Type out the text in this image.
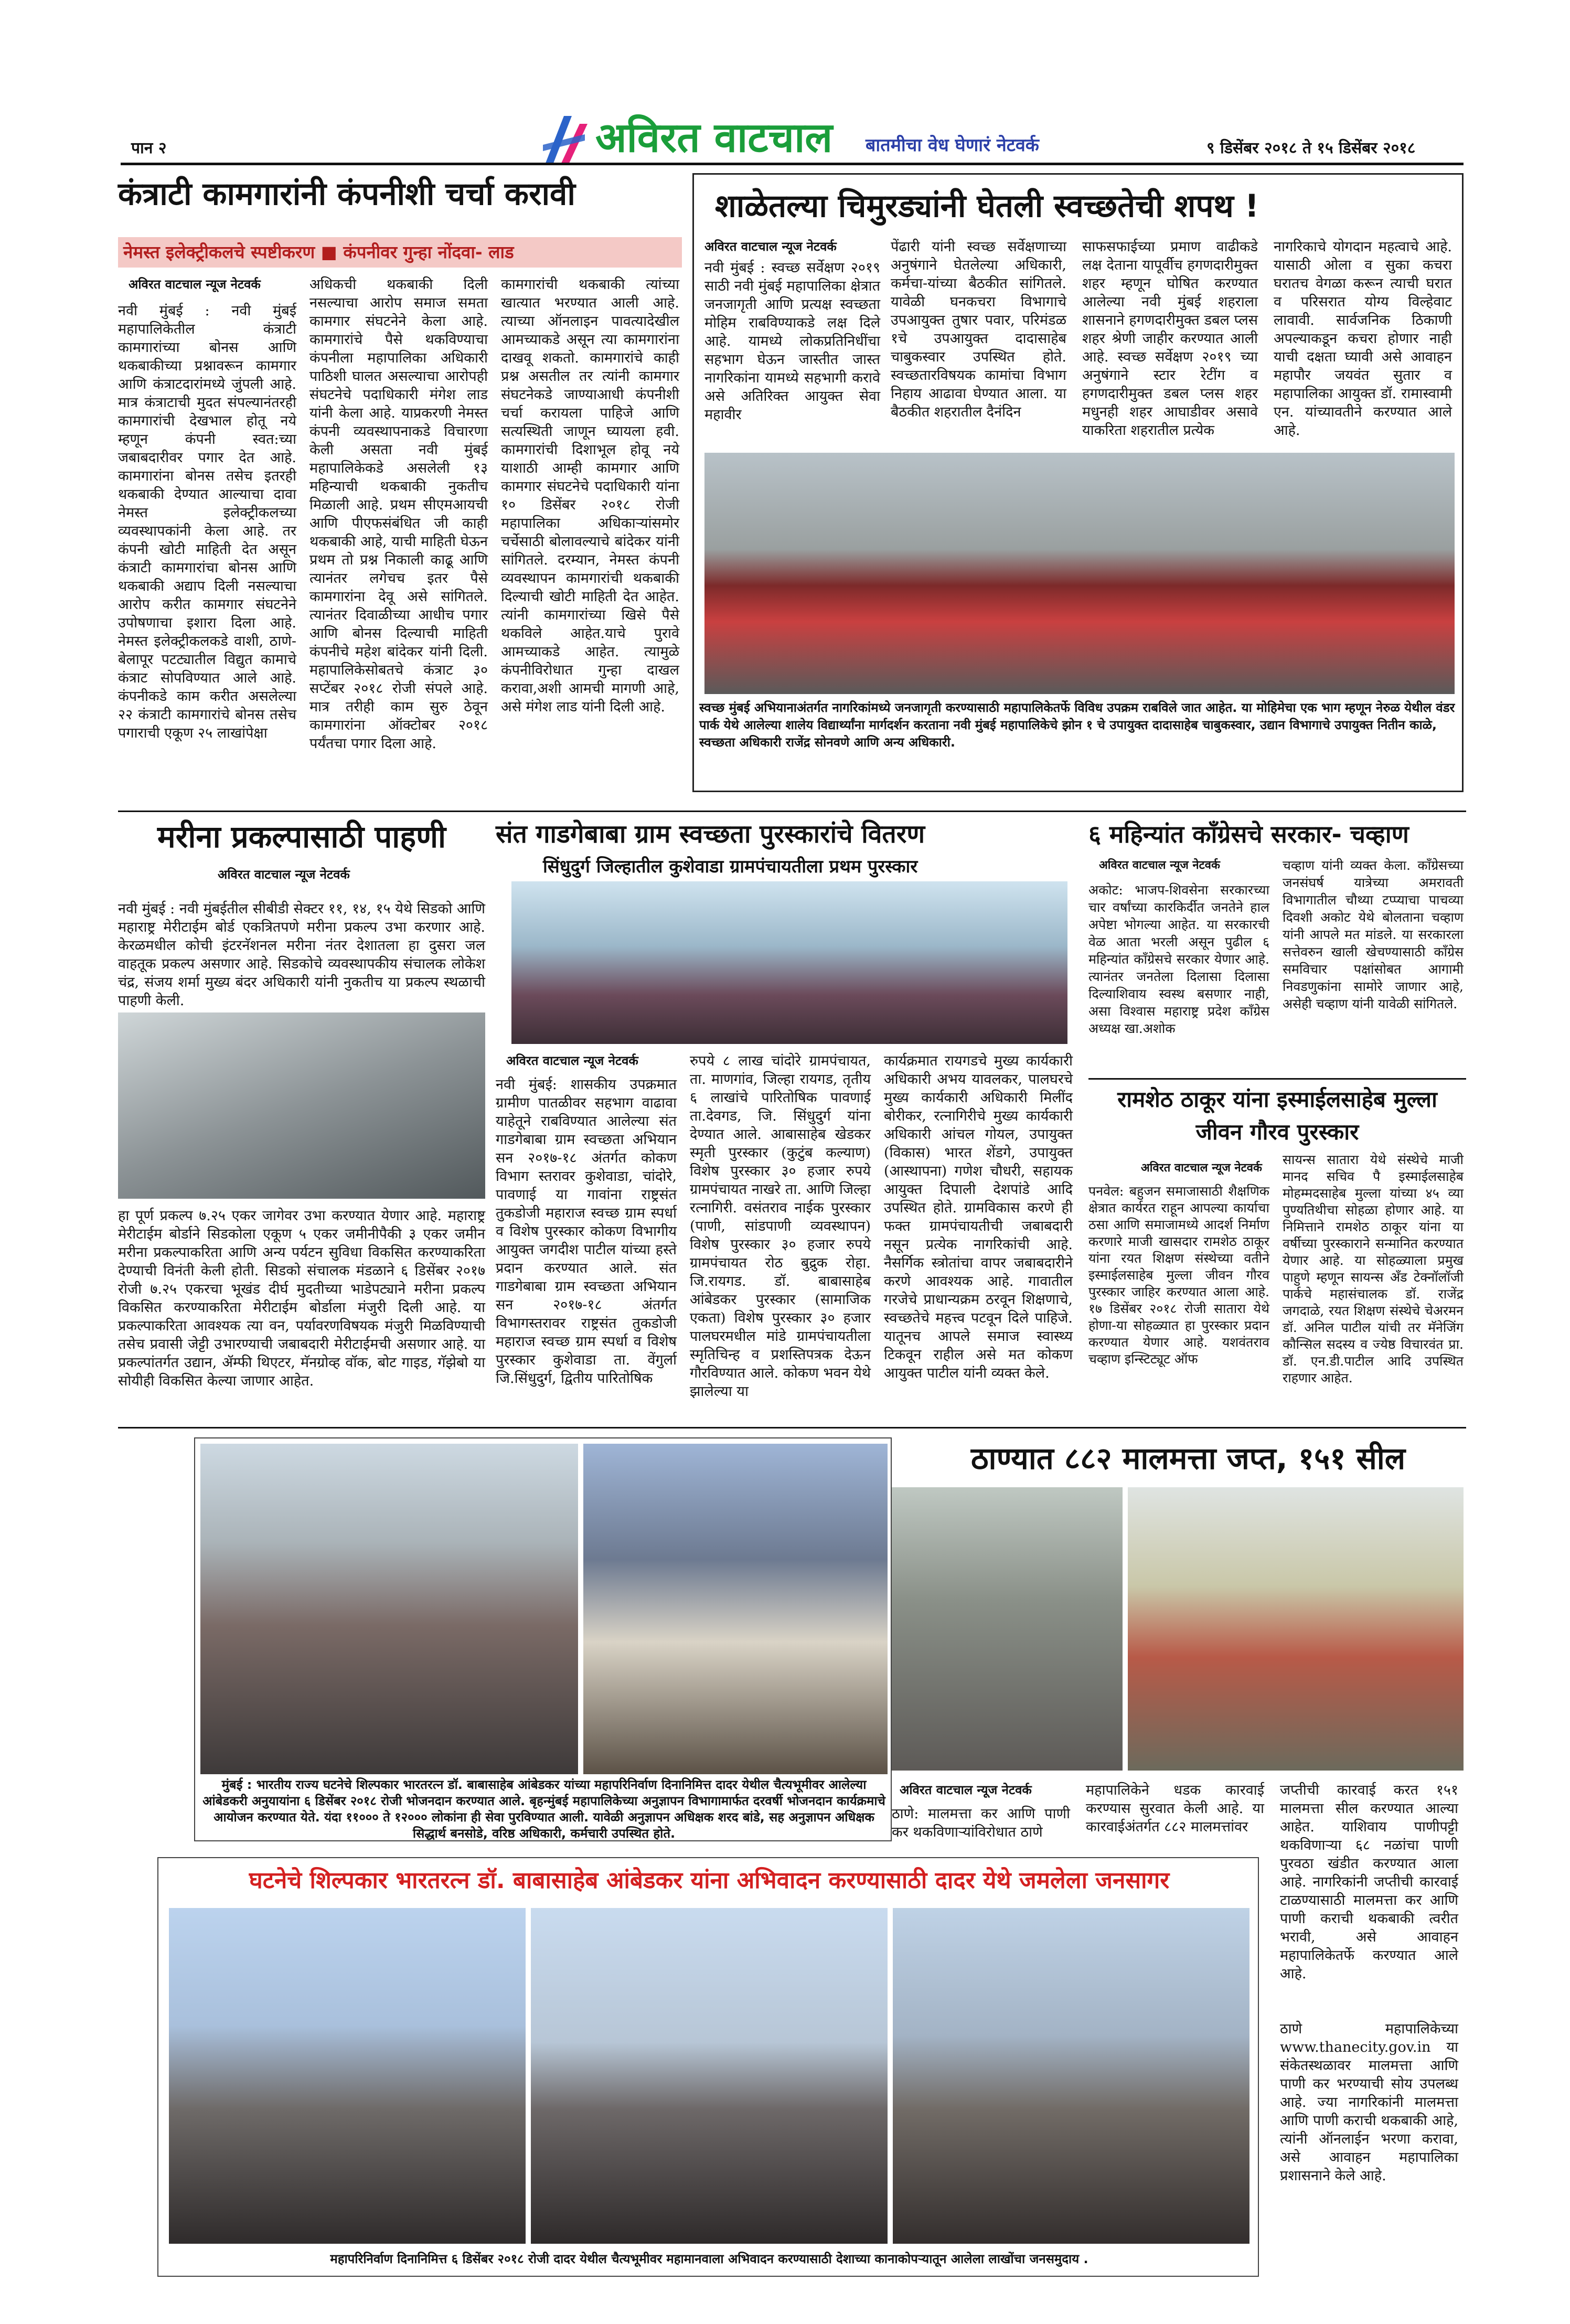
पान २	अविरत वाटचाल बातमीचा वेध घेणारं नेटवर्क	९ डिसेंबर २०१८ ते १५ डिसेंबर २०१८
कंत्राटी कामगारांनी कंपनीशी चर्चा करावी
नेमस्त इलेक्ट्रीकलचे स्पष्टीकरण ■ कंपनीवर गुन्हा नोंदवा- लाड
अविरत वाटचाल न्यूज नेटवर्क
नवी मुंबई : नवी मुंबई महापालिकेतील कंत्राटी कामगारांच्या बोनस आणि थकबाकीच्या प्रश्नावरून कामगार आणि कंत्राटदारांमध्ये जुंपली आहे. मात्र कंत्राटाची मुदत संपल्यानंतरही कामगारांची देखभाल होतू नये म्हणून कंपनी स्वत:च्या जबाबदारीवर पगार देत आहे. कामगारांना बोनस तसेच इतरही थकबाकी देण्यात आल्याचा दावा नेमस्त इलेक्ट्रीकलच्या व्यवस्थापकांनी केला आहे. तर कंपनी खोटी माहिती देत असून कंत्राटी कामगारांचा बोनस आणि थकबाकी अद्याप दिली नसल्याचा आरोप करीत कामगार संघटनेने उपोषणाचा इशारा दिला आहे. नेमस्त इलेक्ट्रीकलकडे वाशी, ठाणे-बेलापूर पटट्यातील विद्युत कामाचे कंत्राट सोपविण्यात आले आहे. कंपनीकडे काम करीत असलेल्या २२ कंत्राटी कामगारांचे बोनस तसेच पगाराची एकूण २५ लाखांपेक्षा
अधिकची थकबाकी दिली नसल्याचा आरोप समाज समता कामगार संघटनेने केला आहे. कामगारांचे पैसे थकविण्याचा कंपनीला महापालिका अधिकारी पाठिशी घालत असल्याचा आरोपही संघटनेचे पदाधिकारी मंगेश लाड यांनी केला आहे. याप्रकरणी नेमस्त कंपनी व्यवस्थापनाकडे विचारणा केली असता नवी मुंबई महापालिकेकडे असलेली १३ महिन्याची थकबाकी नुकतीच मिळाली आहे. प्रथम सीएमआयची आणि पीएफसंबंधित जी काही थकबाकी आहे, याची माहिती घेऊन प्रथम तो प्रश्न निकाली काढू आणि त्यानंतर लगेचच इतर पैसे कामगारांना देवू असे सांगितले. त्यानंतर दिवाळीच्या आधीच पगार आणि बोनस दिल्याची माहिती कंपनीचे महेश बांदेकर यांनी दिली. महापालिकेसोबतचे कंत्राट ३० सप्टेंबर २०१८ रोजी संपले आहे. मात्र तरीही काम सुरु ठेवून कामगारांना ऑक्टोबर २०१८ पर्यंतचा पगार दिला आहे.
कामगारांची थकबाकी त्यांच्या खात्यात भरण्यात आली आहे. त्याच्या ऑनलाइन पावत्यादेखील आमच्याकडे असून त्या कामगारांना दाखवू शकतो. कामगारांचे काही प्रश्न असतील तर त्यांनी कामगार संघटनेकडे जाण्याआधी कंपनीशी चर्चा करायला पाहिजे आणि सत्यस्थिती जाणून घ्यायला हवी. कामगारांची दिशाभूल होवू नये याशाठी आम्ही कामगार आणि कामगार संघटनेचे पदाधिकारी यांना १० डिसेंबर २०१८ रोजी महापालिका अधिकाऱ्यांसमोर चर्चेसाठी बोलावल्याचे बांदेकर यांनी सांगितले. दरम्यान, नेमस्त कंपनी व्यवस्थापन कामगारांची थकबाकी दिल्याची खोटी माहिती देत आहेत. त्यांनी कामगारांच्या खिसे पैसे थकविले आहेत.याचे पुरावे आमच्याकडे आहेत. त्यामुळे कंपनीविरोधात गुन्हा दाखल करावा,अशी आमची मागणी आहे, असे मंगेश लाड यांनी दिली आहे.
शाळेतल्या चिमुरड्यांनी घेतली स्वच्छतेची शपथ !
अविरत वाटचाल न्यूज नेटवर्क
नवी मुंबई : स्वच्छ सर्वेक्षण २०१९ साठी नवी मुंबई महापालिका क्षेत्रात जनजागृती आणि प्रत्यक्ष स्वच्छता मोहिम राबविण्याकडे लक्ष दिले आहे. यामध्ये लोकप्रतिनिधींचा सहभाग घेऊन जास्तीत जास्त नागरिकांना यामध्ये सहभागी करावे असे अतिरिक्त आयुक्त सेवा महावीर
पेंढारी यांनी स्वच्छ सर्वेक्षणाच्या अनुषंगाने घेतलेल्या अधिकारी, कर्मचा-यांच्या बैठकीत सांगितले. यावेळी घनकचरा विभागाचे उपआयुक्त तुषार पवार, परिमंडळ १चे उपआयुक्त दादासाहेब चाबुकस्वार उपस्थित होते. स्वच्छतारविषयक कामांचा विभाग निहाय आढावा घेण्यात आला. या बैठकीत शहरातील दैनंदिन
साफसफाईच्या प्रमाण वाढीकडे लक्ष देताना यापूर्वीच हगणदारीमुक्त शहर म्हणून घोषित करण्यात आलेल्या नवी मुंबई शहराला शासनाने हगणदारीमुक्त डबल प्लस शहर श्रेणी जाहीर करण्यात आली आहे. स्वच्छ सर्वेक्षण २०१९ च्या अनुषंगाने स्टार रेटींग व हगणदारीमुक्त डबल प्लस शहर मधुनही शहर आघाडीवर असावे याकरिता शहरातील प्रत्येक
नागरिकाचे योगदान महत्वाचे आहे. यासाठी ओला व सुका कचरा घरातच वेगळा करून त्याची घरात व परिसरात योग्य विल्हेवाट लावावी. सार्वजनिक ठिकाणी अपल्याकडून कचरा होणार नाही याची दक्षता घ्यावी असे आवाहन महापौर जयवंत सुतार व महापालिका आयुक्त डॉ. रामास्वामी एन. यांच्यावतीने करण्यात आले आहे.
स्वच्छ मुंबई अभियानाअंतर्गत नागरिकांमध्ये जनजागृती करण्यासाठी महापालिकेतर्फे विविध उपक्रम राबविले जात आहेत. या मोहिमेचा एक भाग म्हणून नेरुळ येथील वंडर पार्क येथे आलेल्या शालेय विद्यार्थ्यांना मार्गदर्शन करताना नवी मुंबई महापालिकेचे झोन १ चे उपायुक्त दादासाहेब चाबुकस्वार, उद्यान विभागाचे उपायुक्त नितीन काळे, स्वच्छता अधिकारी राजेंद्र सोनवणे आणि अन्य अधिकारी.
मरीना प्रकल्पासाठी पाहणी
अविरत वाटचाल न्यूज नेटवर्क
नवी मुंबई : नवी मुंबईतील सीबीडी सेक्टर ११, १४, १५ येथे सिडको आणि महाराष्ट्र मेरीटाईम बोर्ड एकत्रितपणे मरीना प्रकल्प उभा करणार आहे. केरळमधील कोची इंटरनॅशनल मरीना नंतर देशातला हा दुसरा जल वाहतूक प्रकल्प असणार आहे. सिडकोचे व्यवस्थापकीय संचालक लोकेश चंद्र, संजय शर्मा मुख्य बंदर अधिकारी यांनी नुकतीच या प्रकल्प स्थळाची पाहणी केली.
हा पूर्ण प्रकल्प ७.२५ एकर जागेवर उभा करण्यात येणार आहे. महाराष्ट्र मेरीटाईम बोर्डाने सिडकोला एकूण ५ एकर जमीनीपैकी ३ एकर जमीन मरीना प्रकल्पाकरिता आणि अन्य पर्यटन सुविधा विकसित करण्याकरिता देण्याची विनंती केली होती. सिडको संचालक मंडळाने ६ डिसेंबर २०१७ रोजी ७.२५ एकरचा भूखंड दीर्घ मुदतीच्या भाडेपट्याने मरीना प्रकल्प विकसित करण्याकरिता मेरीटाईम बोर्डाला मंजुरी दिली आहे. या प्रकल्पाकरिता आवश्यक त्या वन, पर्यावरणविषयक मंजुरी मिळविण्याची तसेच प्रवासी जेट्टी उभारण्याची जबाबदारी मेरीटाईमची असणार आहे. या प्रकल्पांतर्गत उद्यान, ॲम्फी थिएटर, मॅनग्रोव्ह वॉक, बोट गाइड, गॅझेबो या सोयीही विकसित केल्या जाणार आहेत.
संत गाडगेबाबा ग्राम स्वच्छता पुरस्कारांचे वितरण
सिंधुदुर्ग जिल्हातील कुशेवाडा ग्रामपंचायतीला प्रथम पुरस्कार
अविरत वाटचाल न्यूज नेटवर्क
नवी मुंबई: शासकीय उपक्रमात ग्रामीण पातळीवर सहभाग वाढावा याहेतूने राबविण्यात आलेल्या संत गाडगेबाबा ग्राम स्वच्छता अभियान सन २०१७-१८ अंतर्गत कोकण विभाग स्तरावर कुशेवाडा, चांदोरे, पावणाई या गावांना राष्ट्रसंत तुकडोजी महाराज स्वच्छ ग्राम स्पर्धा व विशेष पुरस्कार कोकण विभागीय आयुक्त जगदीश पाटील यांच्या हस्ते प्रदान करण्यात आले. संत गाडगेबाबा ग्राम स्वच्छता अभियान सन २०१७-१८ अंतर्गत विभागस्तरावर राष्ट्रसंत तुकडोजी महाराज स्वच्छ ग्राम स्पर्धा व विशेष पुरस्कार कुशेवाडा ता. वेंगुर्ला जि.सिंधुदुर्ग, द्वितीय पारितोषिक
रुपये ८ लाख चांदोरे ग्रामपंचायत, ता. माणगांव, जिल्हा रायगड, तृतीय ६ लाखांचे पारितोषिक पावणाई ता.देवगड, जि. सिंधुदुर्ग यांना देण्यात आले. आबासाहेब खेडकर स्मृती पुरस्कार (कुटुंब कल्याण) विशेष पुरस्कार ३० हजार रुपये ग्रामपंचायत नाखरे ता. आणि जिल्हा रत्नागिरी. वसंतराव नाईक पुरस्कार (पाणी, सांडपाणी व्यवस्थापन) विशेष पुरस्कार ३० हजार रुपये ग्रामपंचायत रोठ बुद्रुक रोहा. जि.रायगड. डॉ. बाबासाहेब आंबेडकर पुरस्कार (सामाजिक एकता) विशेष पुरस्कार ३० हजार पालघरमधील मांडे ग्रामपंचायतीला स्मृतिचिन्ह व प्रशस्तिपत्रक देऊन गौरविण्यात आले. कोकण भवन येथे झालेल्या या
कार्यक्रमात रायगडचे मुख्य कार्यकारी अधिकारी अभय यावलकर, पालघरचे मुख्य कार्यकारी अधिकारी मिलींद बोरीकर, रत्नागिरीचे मुख्य कार्यकारी अधिकारी आंचल गोयल, उपायुक्त (विकास) भारत शेंडगे, उपायुक्त (आस्थापना) गणेश चौधरी, सहायक आयुक्त दिपाली देशपांडे आदि उपस्थित होते. ग्रामविकास करणे ही फक्त ग्रामपंचायतीची जबाबदारी नसून प्रत्येक नागरिकांची आहे. नैसर्गिक स्त्रोतांचा वापर जबाबदारीने करणे आवश्यक आहे. गावातील गरजेचे प्राधान्यक्रम ठरवून शिक्षणाचे, स्वच्छतेचे महत्त्व पटवून दिले पाहिजे. यातूनच आपले समाज स्वास्थ्य टिकवून राहील असे मत कोकण आयुक्त पाटील यांनी व्यक्त केले.
६ महिन्यांत काँग्रेसचे सरकार- चव्हाण
अविरत वाटचाल न्यूज नेटवर्क
अकोट: भाजप-शिवसेना सरकारच्या चार वर्षांच्या कारकिर्दीत जनतेने हाल अपेष्टा भोगल्या आहेत. या सरकारची वेळ आता भरली असून पुढील ६ महिन्यांत काँग्रेसचे सरकार येणार आहे. त्यानंतर जनतेला दिलासा दिलासा दिल्याशिवाय स्वस्थ बसणार नाही, असा विश्वास महाराष्ट्र प्रदेश काँग्रेस अध्यक्ष खा.अशोक
चव्हाण यांनी व्यक्त केला. काँग्रेसच्या जनसंघर्ष यात्रेच्या अमरावती विभागातील चौथ्या टप्प्याचा पाचव्या दिवशी अकोट येथे बोलताना चव्हाण यांनी आपले मत मांडले. या सरकारला सत्तेवरुन खाली खेचण्यासाठी काँग्रेस समविचार पक्षांसोबत आगामी निवडणुकांना सामोरे जाणार आहे, असेही चव्हाण यांनी यावेळी सांगितले.
रामशेठ ठाकूर यांना इस्माईलसाहेब मुल्ला जीवन गौरव पुरस्कार
अविरत वाटचाल न्यूज नेटवर्क
पनवेल: बहुजन समाजासाठी शैक्षणिक क्षेत्रात कार्यरत राहून आपल्या कार्याचा ठसा आणि समाजामध्ये आदर्श निर्माण करणारे माजी खासदार रामशेठ ठाकूर यांना रयत शिक्षण संस्थेच्या वतीने इस्माईलसाहेब मुल्ला जीवन गौरव पुरस्कार जाहिर करण्यात आला आहे. १७ डिसेंबर २०१८ रोजी सातारा येथे होणा-या सोहळ्यात हा पुरस्कार प्रदान करण्यात येणार आहे. यशवंतराव चव्हाण इन्स्टिट्यूट ऑफ
सायन्स सातारा येथे संस्थेचे माजी मानद सचिव पै इस्माईलसाहेब मोहम्मदसाहेब मुल्ला यांच्या ४५ व्या पुण्यतिथीचा सोहळा होणार आहे. या निमित्ताने रामशेठ ठाकूर यांना या वर्षीच्या पुरस्काराने सन्मानित करण्यात येणार आहे. या सोहळ्याला प्रमुख पाहुणे म्हणून सायन्स अँड टेक्नॉलॉजी पार्कचे महासंचालक डॉ. राजेंद्र जगदाळे, रयत शिक्षण संस्थेचे चेअरमन डॉ. अनिल पाटील यांची तर मॅनेजिंग कौन्सिल सदस्य व ज्येष्ठ विचारवंत प्रा. डॉ. एन.डी.पाटील आदि उपस्थित राहणार आहेत.
मुंबई : भारतीय राज्य घटनेचे शिल्पकार भारतरत्न डॉ. बाबासाहेब आंबेडकर यांच्या महापरिनिर्वाण दिनानिमित्त दादर येथील चैत्यभूमीवर आलेल्या आंबेडकरी अनुयायांना ६ डिसेंबर २०१८ रोजी भोजनदान करण्यात आले. बृहन्मुंबई महापालिकेच्या अनुज्ञापन विभागामार्फत दरवर्षी भोजनदान कार्यक्रमाचे आयोजन करण्यात येते. यंदा ११००० ते १२००० लोकांना ही सेवा पुरविण्यात आली. यावेळी अनुज्ञापन अधिक्षक शरद बांडे, सह अनुज्ञापन अधिक्षक सिद्धार्थ बनसोडे, वरिष्ठ अधिकारी, कर्मचारी उपस्थित होते.
ठाण्यात ८८२ मालमत्ता जप्त, १५१ सील
अविरत वाटचाल न्यूज नेटवर्क
ठाणे: मालमत्ता कर आणि पाणी कर थकविणाऱ्यांविरोधात ठाणे
महापालिकेने धडक कारवाई करण्यास सुरवात केली आहे. या कारवाईअंतर्गत ८८२ मालमत्तांवर
जप्तीची कारवाई करत १५१ मालमत्ता सील करण्यात आल्या आहेत. याशिवाय पाणीपट्टी थकविणाऱ्या ६८ नळांचा पाणी पुरवठा खंडीत करण्यात आला आहे. नागरिकांनी जप्तीची कारवाई टाळण्यासाठी मालमत्ता कर आणि पाणी कराची थकबाकी त्वरीत भरावी, असे आवाहन महापालिकेतर्फे करण्यात आले आहे.
ठाणे महापालिकेच्या www.thanecity.gov.in या संकेतस्थळावर मालमत्ता आणि पाणी कर भरण्याची सोय उपलब्ध आहे. ज्या नागरिकांनी मालमत्ता आणि पाणी कराची थकबाकी आहे, त्यांनी ऑनलाईन भरणा करावा, असे आवाहन महापालिका प्रशासनाने केले आहे.
घटनेचे शिल्पकार भारतरत्न डॉ. बाबासाहेब आंबेडकर यांना अभिवादन करण्यासाठी दादर येथे जमलेला जनसागर
महापरिनिर्वाण दिनानिमित्त ६ डिसेंबर २०१८ रोजी दादर येथील चैत्यभूमीवर महामानवाला अभिवादन करण्यासाठी देशाच्या कानाकोपऱ्यातून आलेला लाखोंचा जनसमुदाय .
